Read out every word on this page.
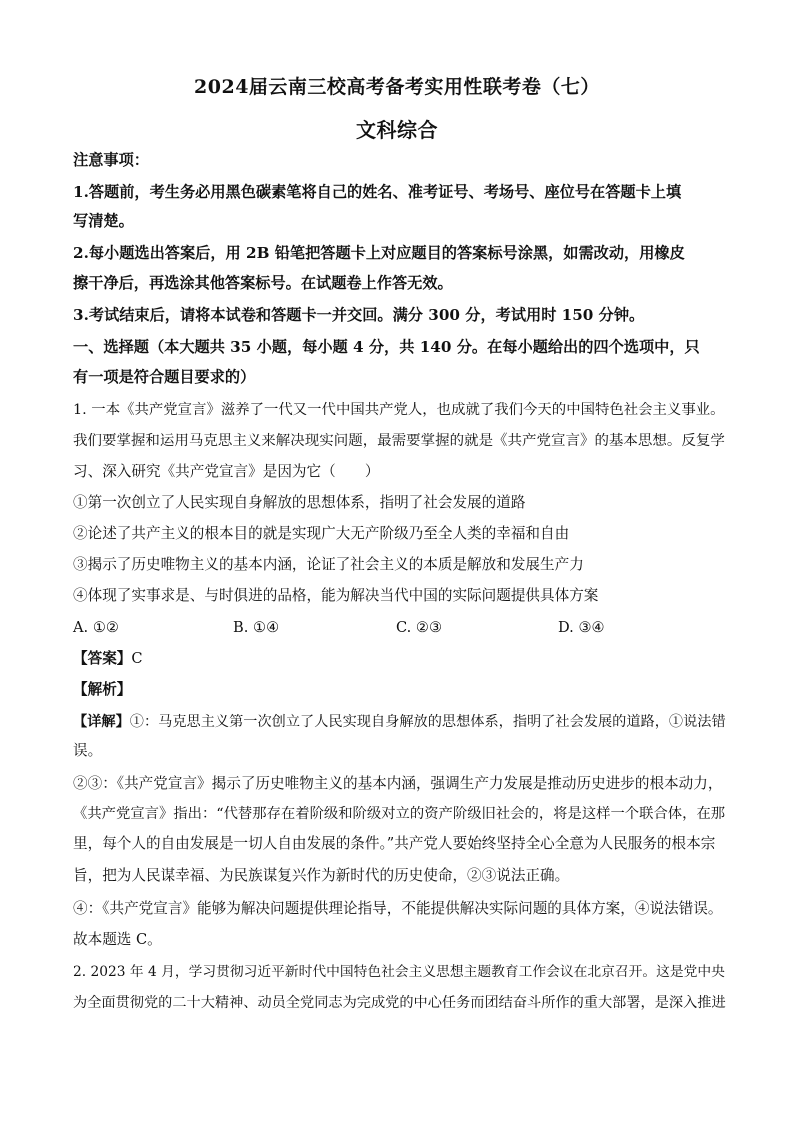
2024届云南三校高考备考实用性联考卷（七）
文科综合
注意事项：
1.答题前，考生务必用黑色碳素笔将自己的姓名、准考证号、考场号、座位号在答题卡上填
写清楚。
2.每小题选出答案后，用 2B 铅笔把答题卡上对应题目的答案标号涂黑，如需改动，用橡皮
擦干净后，再选涂其他答案标号。在试题卷上作答无效。
3.考试结束后，请将本试卷和答题卡一并交回。满分 300 分，考试用时 150 分钟。
一、选择题（本大题共 35 小题，每小题 4 分，共 140 分。在每小题给出的四个选项中，只
有一项是符合题目要求的）
1. 一本《共产党宣言》滋养了一代又一代中国共产党人，也成就了我们今天的中国特色社会主义事业。
我们要掌握和运用马克思主义来解决现实问题，最需要掌握的就是《共产党宣言》的基本思想。反复学
习、深入研究《共产党宣言》是因为它（　　）
①第一次创立了人民实现自身解放的思想体系，指明了社会发展的道路
②论述了共产主义的根本目的就是实现广大无产阶级乃至全人类的幸福和自由
③揭示了历史唯物主义的基本内涵，论证了社会主义的本质是解放和发展生产力
④体现了实事求是、与时俱进的品格，能为解决当代中国的实际问题提供具体方案
A. ①②	B. ①④	C. ②③	D. ③④
【答案】C
【解析】
【详解】①：马克思主义第一次创立了人民实现自身解放的思想体系，指明了社会发展的道路，①说法错
误。
②③：《共产党宣言》揭示了历史唯物主义的基本内涵，强调生产力发展是推动历史进步的根本动力，
《共产党宣言》指出：“代替那存在着阶级和阶级对立的资产阶级旧社会的，将是这样一个联合体，在那
里，每个人的自由发展是一切人自由发展的条件。”共产党人要始终坚持全心全意为人民服务的根本宗
旨，把为人民谋幸福、为民族谋复兴作为新时代的历史使命，②③说法正确。
④：《共产党宣言》能够为解决问题提供理论指导，不能提供解决实际问题的具体方案，④说法错误。
故本题选 C。
2. 2023 年 4 月，学习贯彻习近平新时代中国特色社会主义思想主题教育工作会议在北京召开。这是党中央
为全面贯彻党的二十大精神、动员全党同志为完成党的中心任务而团结奋斗所作的重大部署，是深入推进
